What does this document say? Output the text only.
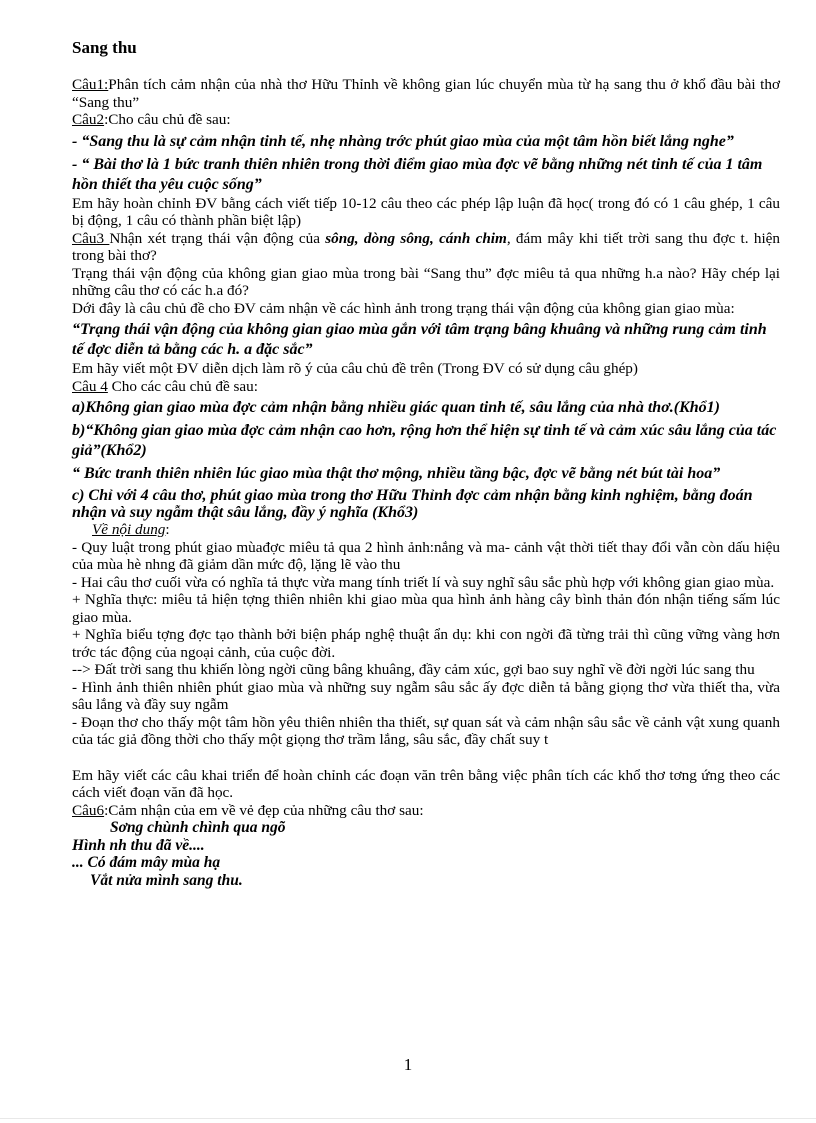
Sang thu

Câu1:Phân tích cảm nhận của nhà thơ Hữu Thỉnh về không gian lúc chuyển mùa từ hạ sang thu ở khổ đầu bài thơ “Sang thu”

Câu2:Cho câu chủ đề sau:

- “Sang thu là sự cảm nhận tinh tế, nhẹ nhàng trớc phút giao mùa của một tâm hồn biết lắng nghe”

- “ Bài thơ là 1 bức tranh thiên nhiên trong thời điểm giao mùa đợc vẽ bằng những nét tinh tế của 1 tâm hồn thiết tha yêu cuộc sống”

Em hãy hoàn chỉnh ĐV bằng cách viết tiếp 10-12 câu theo các phép lập luận đã học( trong đó có 1 câu ghép, 1 câu bị động, 1 câu có thành phần biệt lập)

Câu3 Nhận xét trạng thái vận động của sông, dòng sông, cánh chim, đám mây khi tiết trời sang thu đợc t. hiện trong bài thơ?

Trạng thái vận động của không gian giao mùa trong bài “Sang thu” đợc miêu tả qua những h.a nào? Hãy chép lại những câu thơ có các h.a đó?

Dới đây là câu chủ đề cho ĐV cảm nhận về các hình ảnh trong trạng thái vận động của không gian giao mùa:

“Trạng thái vận động của không gian giao mùa gắn với tâm trạng bâng khuâng và những rung cảm tinh tế đợc diễn tả bằng các h. a đặc sắc”

Em hãy viết một ĐV diễn dịch làm rõ ý của câu chủ đề trên (Trong ĐV có sử dụng câu ghép)

Câu 4 Cho các câu chủ đề sau:

a)Không gian giao mùa đợc cảm nhận bằng nhiều giác quan tinh tế, sâu lắng của nhà thơ.(Khổ1)

b)“Không gian giao mùa đợc cảm nhận cao hơn, rộng hơn thể hiện sự tinh tế và cảm xúc sâu lắng của tác giả”(Khổ2)

“ Bức tranh thiên nhiên lúc giao mùa thật thơ mộng, nhiều tầng bậc, đợc vẽ bằng nét bút tài hoa”

c) Chỉ với 4 câu thơ, phút giao mùa trong thơ Hữu Thỉnh đợc cảm nhận bằng kinh nghiệm, bằng đoán nhận và suy ngẫm thật sâu lắng, đầy ý nghĩa (Khổ3)

Về nội dung:

- Quy luật trong phút giao mùađợc miêu tả qua 2 hình ảnh:nắng và ma- cảnh vật thời tiết thay đổi vẫn còn dấu hiệu của mùa hè nhng đã giảm dần mức độ, lặng lẽ vào thu

- Hai câu thơ cuối vừa có nghĩa tả thực vừa mang tính triết lí và suy nghĩ sâu sắc phù hợp với không gian giao mùa.

+ Nghĩa thực: miêu tả hiện tợng thiên nhiên khi giao mùa qua hình ảnh hàng cây bình thản đón nhận tiếng sấm lúc giao mùa.

+ Nghĩa biểu tợng đợc tạo thành bởi biện pháp nghệ thuật ẩn dụ: khi con ngời đã từng trải thì cũng vững vàng hơn trớc tác động của ngoại cảnh, của cuộc đời.

--> Đất trời sang thu khiến lòng ngời cũng bâng khuâng, đầy cảm xúc, gợi bao suy nghĩ về đời ngời lúc sang thu

- Hình ảnh thiên nhiên phút giao mùa và những suy ngẫm sâu sắc ấy đợc diễn tả bằng giọng thơ vừa thiết tha, vừa sâu lắng và đầy suy ngẫm

- Đoạn thơ cho thấy một tâm hồn yêu thiên nhiên tha thiết, sự quan sát và cảm nhận sâu sắc về cảnh vật xung quanh của tác giả đồng thời cho thấy một giọng thơ trầm lắng, sâu sắc, đầy chất suy t

Em hãy viết các câu khai triển để hoàn chỉnh các đoạn văn trên bằng việc phân tích các khổ thơ tơng ứng theo các cách viết đoạn văn đã học.

Câu6:Cảm nhận của em về vẻ đẹp của những câu thơ sau:

Sơng chùnh chình qua ngõ

Hình nh thu đã về....

... Có đám mây mùa hạ

Vắt nửa mình sang thu.

1
